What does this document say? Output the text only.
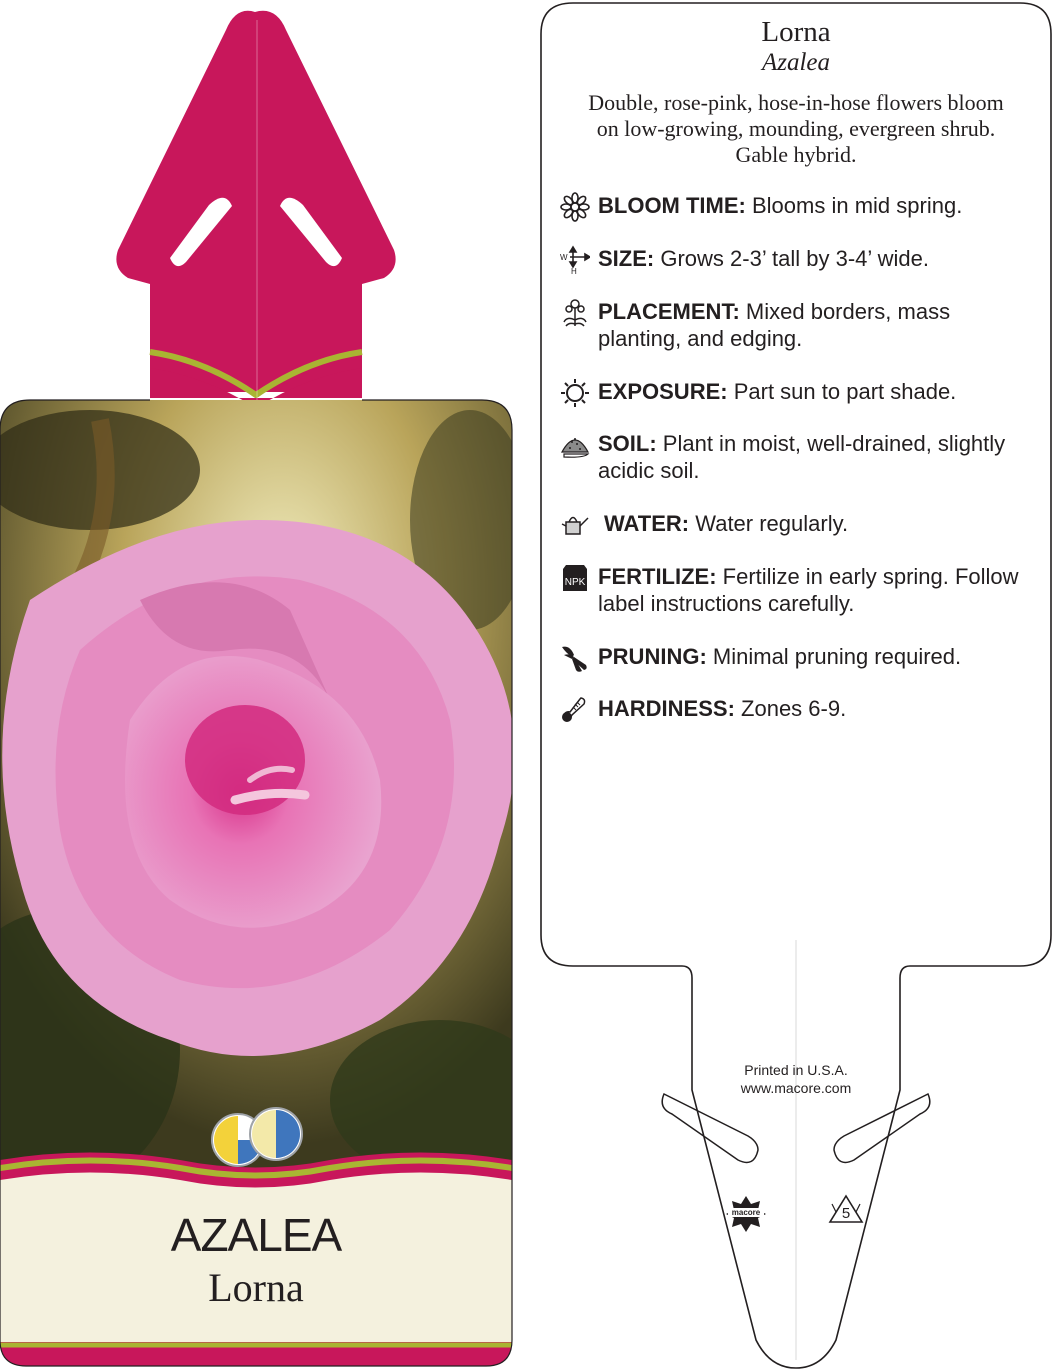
AZALEA
Lorna
macore	5
Lorna
Azalea
Double, rose-pink, hose-in-hose flowers bloom
on low-growing, mounding, evergreen shrub.
Gable hybrid.
BLOOM TIME: Blooms in mid spring.
W
H
SIZE: Grows 2-3’ tall by 3-4’ wide.
PLACEMENT: Mixed borders, mass
planting, and edging.
EXPOSURE: Part sun to part shade.
SOIL: Plant in moist, well-drained, slightly
acidic soil.
WATER: Water regularly.
NPK FERTILIZE: Fertilize in early spring. Follow
label instructions carefully.
PRUNING: Minimal pruning required.
HARDINESS: Zones 6-9.
Printed in U.S.A.
www.macore.com
